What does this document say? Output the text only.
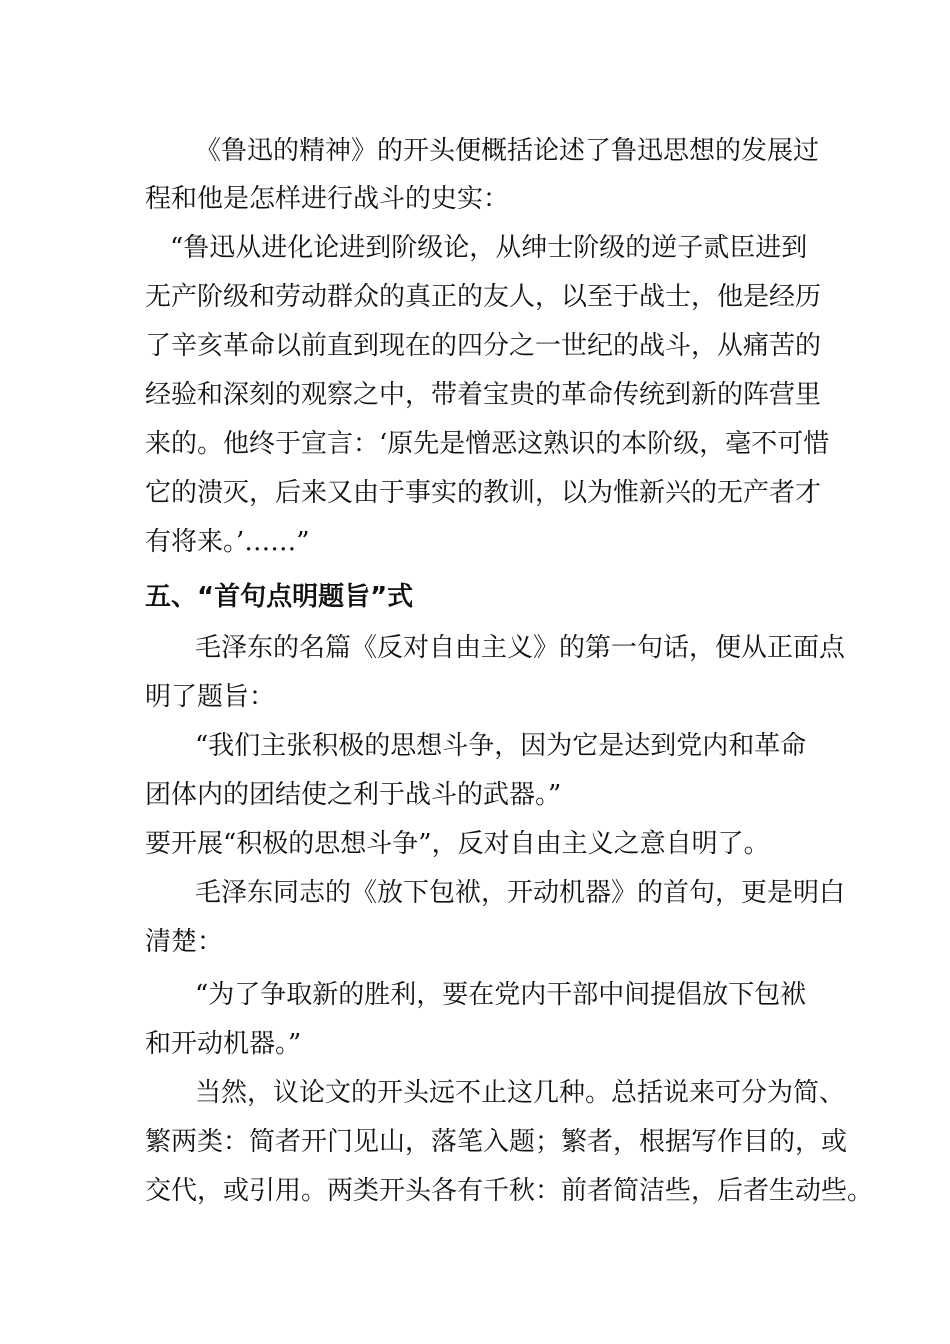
《鲁迅的精神》的开头便概括论述了鲁迅思想的发展过
程和他是怎样进行战斗的史实：
“鲁迅从进化论进到阶级论，从绅士阶级的逆子贰臣进到
无产阶级和劳动群众的真正的友人，以至于战士，他是经历
了辛亥革命以前直到现在的四分之一世纪的战斗，从痛苦的
经验和深刻的观察之中，带着宝贵的革命传统到新的阵营里
来的。他终于宣言：‘原先是憎恶这熟识的本阶级，毫不可惜
它的溃灭，后来又由于事实的教训，以为惟新兴的无产者才
有将来。’……”
五、“首句点明题旨”式
毛泽东的名篇《反对自由主义》的第一句话，便从正面点
明了题旨：
“我们主张积极的思想斗争，因为它是达到党内和革命
团体内的团结使之利于战斗的武器。”
要开展“积极的思想斗争”，反对自由主义之意自明了。
毛泽东同志的《放下包袱，开动机器》的首句，更是明白
清楚：
“为了争取新的胜利，要在党内干部中间提倡放下包袱
和开动机器。”
当然，议论文的开头远不止这几种。总括说来可分为简、
繁两类：简者开门见山，落笔入题；繁者，根据写作目的，或
交代，或引用。两类开头各有千秋：前者简洁些，后者生动些。
